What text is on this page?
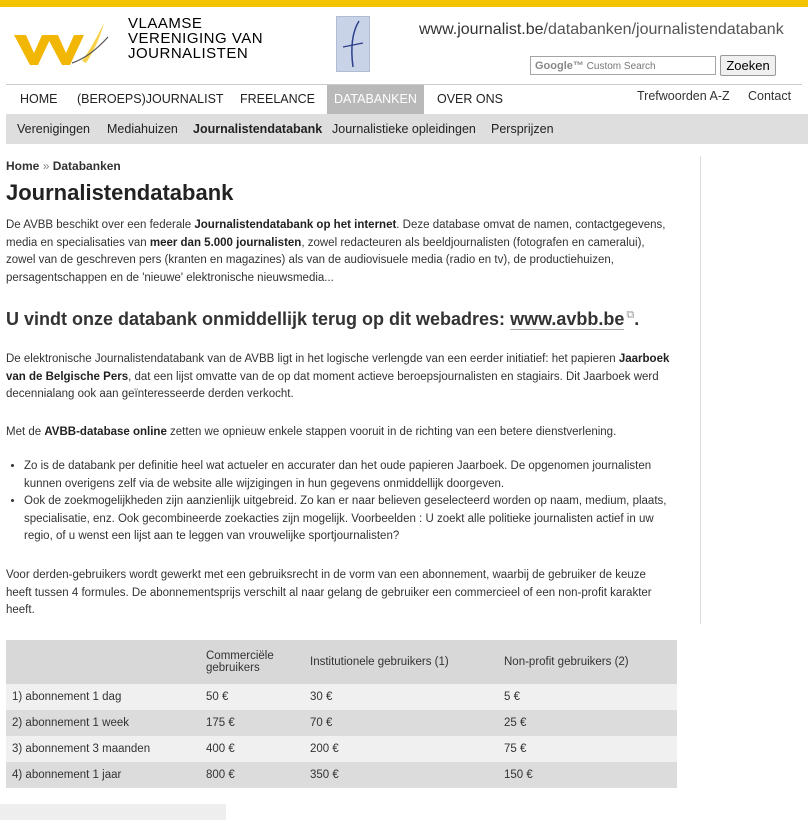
VLAAMSE
VERENIGING VAN
JOURNALISTEN
www.journalist.be/databanken/journalistendatabank
Google™ Custom Search	Zoeken
HOME	(BEROEPS)JOURNALIST	FREELANCE	DATABANKEN	OVER ONS	Trefwoorden A-Z Contact
Verenigingen Mediahuizen Journalistendatabank Journalistieke opleidingen Persprijzen
Home » Databanken
Journalistendatabank

De AVBB beschikt over een federale Journalistendatabank op het internet. Deze database omvat de namen, contactgegevens, media en specialisaties van meer dan 5.000 journalisten, zowel redacteuren als beeldjournalisten (fotografen en cameralui), zowel van de geschreven pers (kranten en magazines) als van de audiovisuele media (radio en tv), de productiehuizen, persagentschappen en de 'nieuwe' elektronische nieuwsmedia...

U vindt onze databank onmiddellijk terug op dit webadres: www.avbb.be ⧉.

De elektronische Journalistendatabank van de AVBB ligt in het logische verlengde van een eerder initiatief: het papieren Jaarboek van de Belgische Pers, dat een lijst omvatte van de op dat moment actieve beroepsjournalisten en stagiairs. Dit Jaarboek werd decennialang ook aan geïnteresseerde derden verkocht.

Met de AVBB-database online zetten we opnieuw enkele stappen vooruit in de richting van een betere dienstverlening.

• Zo is de databank per definitie heel wat actueler en accurater dan het oude papieren Jaarboek. De opgenomen journalisten kunnen overigens zelf via de website alle wijzigingen in hun gegevens onmiddellijk doorgeven.
• Ook de zoekmogelijkheden zijn aanzienlijk uitgebreid. Zo kan er naar believen geselecteerd worden op naam, medium, plaats, specialisatie, enz. Ook gecombineerde zoekacties zijn mogelijk. Voorbeelden : U zoekt alle politieke journalisten actief in uw regio, of u wenst een lijst aan te leggen van vrouwelijke sportjournalisten?

Voor derden-gebruikers wordt gewerkt met een gebruiksrecht in de vorm van een abonnement, waarbij de gebruiker de keuze heeft tussen 4 formules. De abonnementsprijs verschilt al naar gelang de gebruiker een commercieel of een non-profit karakter heeft.

	Commerciële gebruikers	Institutionele gebruikers (1)	Non-profit gebruikers (2)
1) abonnement 1 dag	50 €	30 €	5 €
2) abonnement 1 week	175 €	70 €	25 €
3) abonnement 3 maanden	400 €	200 €	75 €
4) abonnement 1 jaar	800 €	350 €	150 €
